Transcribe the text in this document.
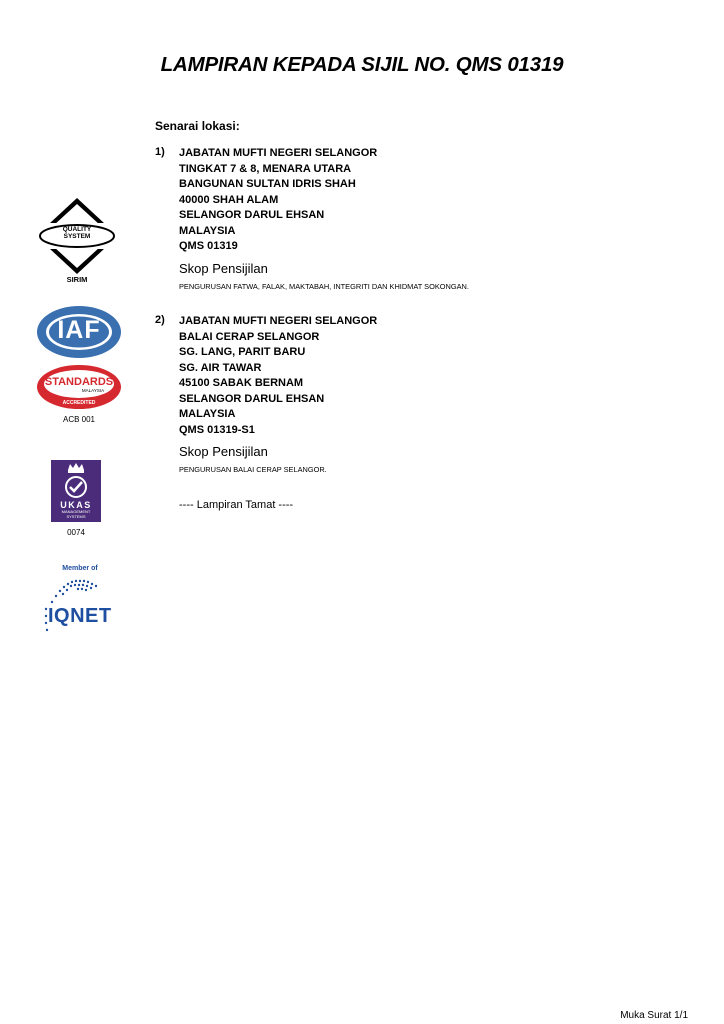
LAMPIRAN KEPADA SIJIL NO. QMS 01319
Senarai lokasi:
1) JABATAN MUFTI NEGERI SELANGOR
TINGKAT 7 & 8, MENARA UTARA
BANGUNAN SULTAN IDRIS SHAH
40000 SHAH ALAM
SELANGOR DARUL EHSAN
MALAYSIA
QMS 01319
Skop Pensijilan
PENGURUSAN FATWA, FALAK, MAKTABAH, INTEGRITI DAN KHIDMAT SOKONGAN.
2) JABATAN MUFTI NEGERI SELANGOR
BALAI CERAP SELANGOR
SG. LANG, PARIT BARU
SG. AIR TAWAR
45100 SABAK BERNAM
SELANGOR DARUL EHSAN
MALAYSIA
QMS 01319-S1
Skop Pensijilan
PENGURUSAN BALAI CERAP SELANGOR.
---- Lampiran Tamat ----
QUALITY
SYSTEM
SIRIM
IAF
MEMBER OF MULTILATERAL RECOGNITION ARRANGEMENT
STANDARDS
MALAYSIA
ACCREDITED
ACB 001
UKAS
MANAGEMENT
SYSTEMS
0074
Member of
IQNET
Muka Surat 1/1
